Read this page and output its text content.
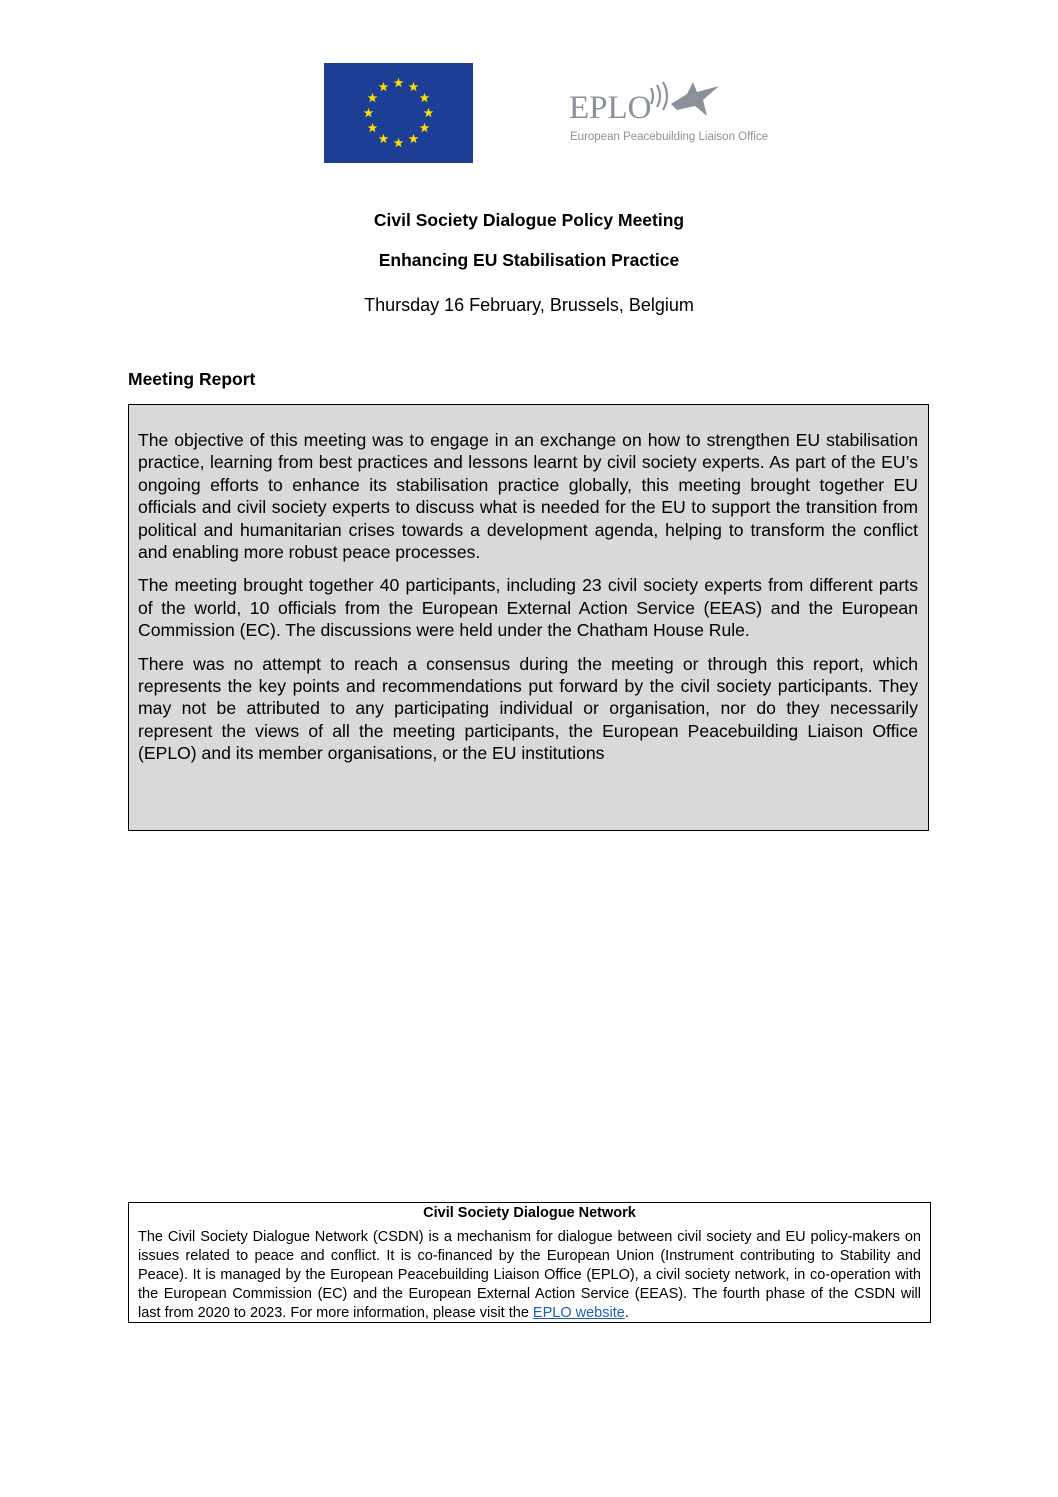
EPLO
European Peacebuilding Liaison Office
Civil Society Dialogue Policy Meeting
Enhancing EU Stabilisation Practice
Thursday 16 February, Brussels, Belgium
Meeting Report

The objective of this meeting was to engage in an exchange on how to strengthen EU stabilisation practice, learning from best practices and lessons learnt by civil society experts. As part of the EU’s ongoing efforts to enhance its stabilisation practice globally, this meeting brought together EU officials and civil society experts to discuss what is needed for the EU to support the transition from political and humanitarian crises towards a development agenda, helping to transform the conflict and enabling more robust peace processes.

The meeting brought together 40 participants, including 23 civil society experts from different parts of the world, 10 officials from the European External Action Service (EEAS) and the European Commission (EC). The discussions were held under the Chatham House Rule.

There was no attempt to reach a consensus during the meeting or through this report, which represents the key points and recommendations put forward by the civil society participants. They may not be attributed to any participating individual or organisation, nor do they necessarily represent the views of all the meeting participants, the European Peacebuilding Liaison Office (EPLO) and its member organisations, or the EU institutions

Civil Society Dialogue Network

The Civil Society Dialogue Network (CSDN) is a mechanism for dialogue between civil society and EU policy-makers on issues related to peace and conflict. It is co-financed by the European Union (Instrument contributing to Stability and Peace). It is managed by the European Peacebuilding Liaison Office (EPLO), a civil society network, in co-operation with the European Commission (EC) and the European External Action Service (EEAS). The fourth phase of the CSDN will last from 2020 to 2023. For more information, please visit the EPLO website.
